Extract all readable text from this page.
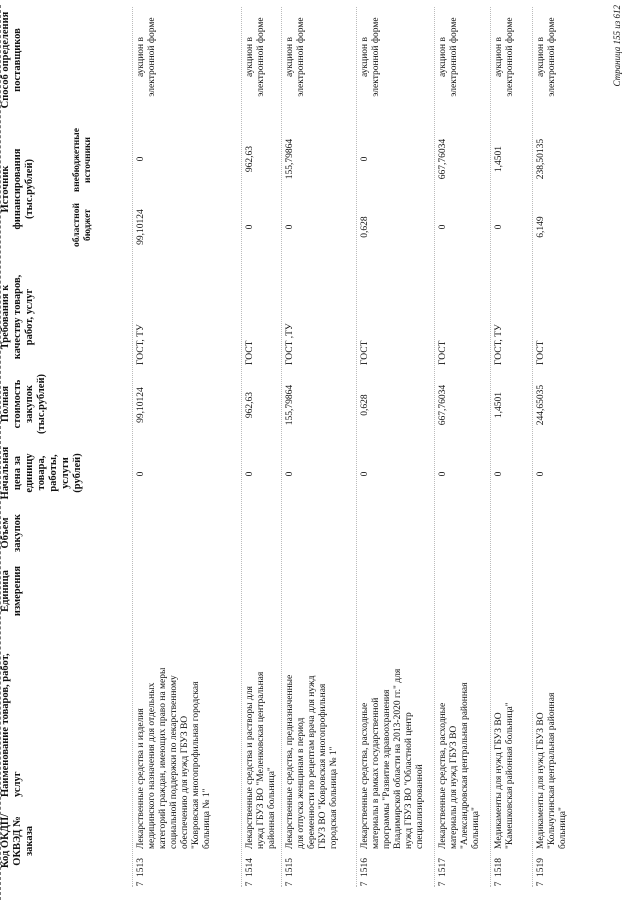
Код ОКДП/ ОКВЭД № заказа
Наименование товаров, работ, услуг
Единица измерения
Объем закупок
Начальная цена за единицу товара, работы, услуги (рублей)
Полная стоимость закупок (тыс.рублей)
Требования к качеству товаров, работ, услуг
Источник финансирования (тыс.рублей)
областной бюджет
внебюджетные источники
Способ определения поставщиков
7
1513
Лекарственные средства и изделия медицинского назначения для отдельных категорий граждан, имеющих право на меры социальной поддержки по лекарственному обеспечению для нужд ГБУЗ ВО "Ковровская многопрофильная городская больница № 1"
0
99,10124
ГОСТ, ТУ
99,10124
0
аукцион в электронной форме
7
1514
Лекарственные средства и растворы для нужд ГБУЗ ВО "Меленковская центральная районная больница"
0
962,63
ГОСТ
0
962,63
аукцион в электронной форме
7
1515
Лекарственные средства, предназначенные для отпуска женщинам в период беременности по рецептам врача для нужд ГБУЗ ВО "Ковровская многопрофильная городская больница № 1"
0
155,79864
ГОСТ ,ТУ
0
155,79864
аукцион в электронной форме
7
1516
Лекарственные средства, расходные материалы в рамках государственной программы "Развитие здравоохранения Владимирской области на 2013-2020 гг." для нужд ГБУЗ ВО "Областной центр специализированной
0
0,628
ГОСТ
0,628
0
аукцион в электронной форме
7
1517
Лекарственные средства, расходные материалы для нужд ГБУЗ ВО "Александровская центральная районная больница"
0
667,76034
ГОСТ
0
667,76034
аукцион в электронной форме
7
1518
Медикаменты для нужд ГБУЗ ВО "Камешковская районная больница"
0
1,4501
ГОСТ, ТУ
0
1,4501
аукцион в электронной форме
7
1519
Медикаменты для нужд ГБУЗ ВО "Кольчугинская центральная районная больница"
0
244,65035
ГОСТ
6,149
238,50135
аукцион в электронной форме	Страница 155 из 612
